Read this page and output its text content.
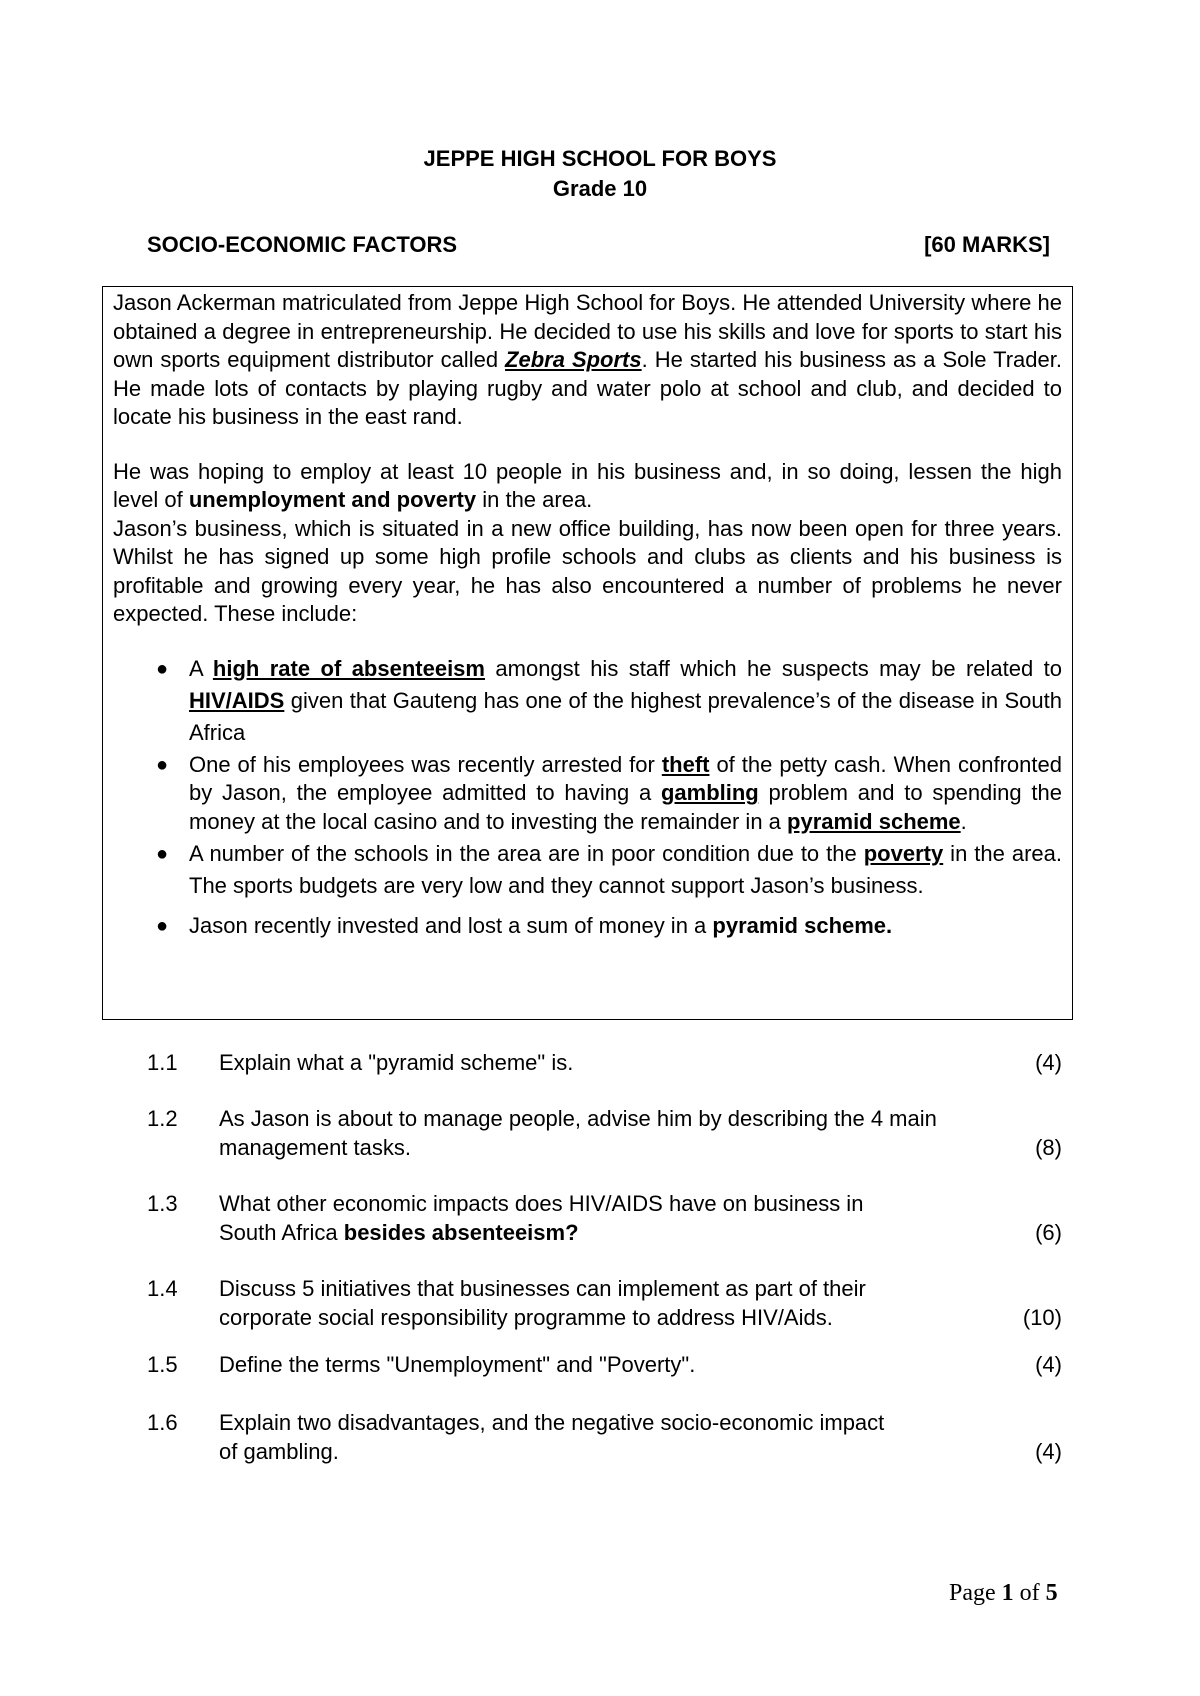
JEPPE HIGH SCHOOL FOR BOYS
Grade 10
SOCIO-ECONOMIC FACTORS	[60 MARKS]

Jason Ackerman matriculated from Jeppe High School for Boys. He attended University where he obtained a degree in entrepreneurship. He decided to use his skills and love for sports to start his own sports equipment distributor called Zebra Sports. He started his business as a Sole Trader. He made lots of contacts by playing rugby and water polo at school and club, and decided to locate his business in the east rand.

He was hoping to employ at least 10 people in his business and, in so doing, lessen the high level of unemployment and poverty in the area.

Jason’s business, which is situated in a new office building, has now been open for three years. Whilst he has signed up some high profile schools and clubs as clients and his business is profitable and growing every year, he has also encountered a number of problems he never expected. These include:

● A high rate of absenteeism amongst his staff which he suspects may be related to HIV/AIDS given that Gauteng has one of the highest prevalence’s of the disease in South Africa
● One of his employees was recently arrested for theft of the petty cash. When confronted by Jason, the employee admitted to having a gambling problem and to spending the money at the local casino and to investing the remainder in a pyramid scheme.
● A number of the schools in the area are in poor condition due to the poverty in the area. The sports budgets are very low and they cannot support Jason’s business.
● Jason recently invested and lost a sum of money in a pyramid scheme.
1.1 Explain what a "pyramid scheme" is.	(4)
1.2 As Jason is about to manage people, advise him by describing the 4 main
management tasks.	(8)
1.3 What other economic impacts does HIV/AIDS have on business in
South Africa besides absenteeism?	(6)
1.4 Discuss 5 initiatives that businesses can implement as part of their
corporate social responsibility programme to address HIV/Aids.	(10)
1.5 Define the terms "Unemployment" and "Poverty".	(4)
1.6 Explain two disadvantages, and the negative socio-economic impact
of gambling.	(4)
Page 1 of 5
